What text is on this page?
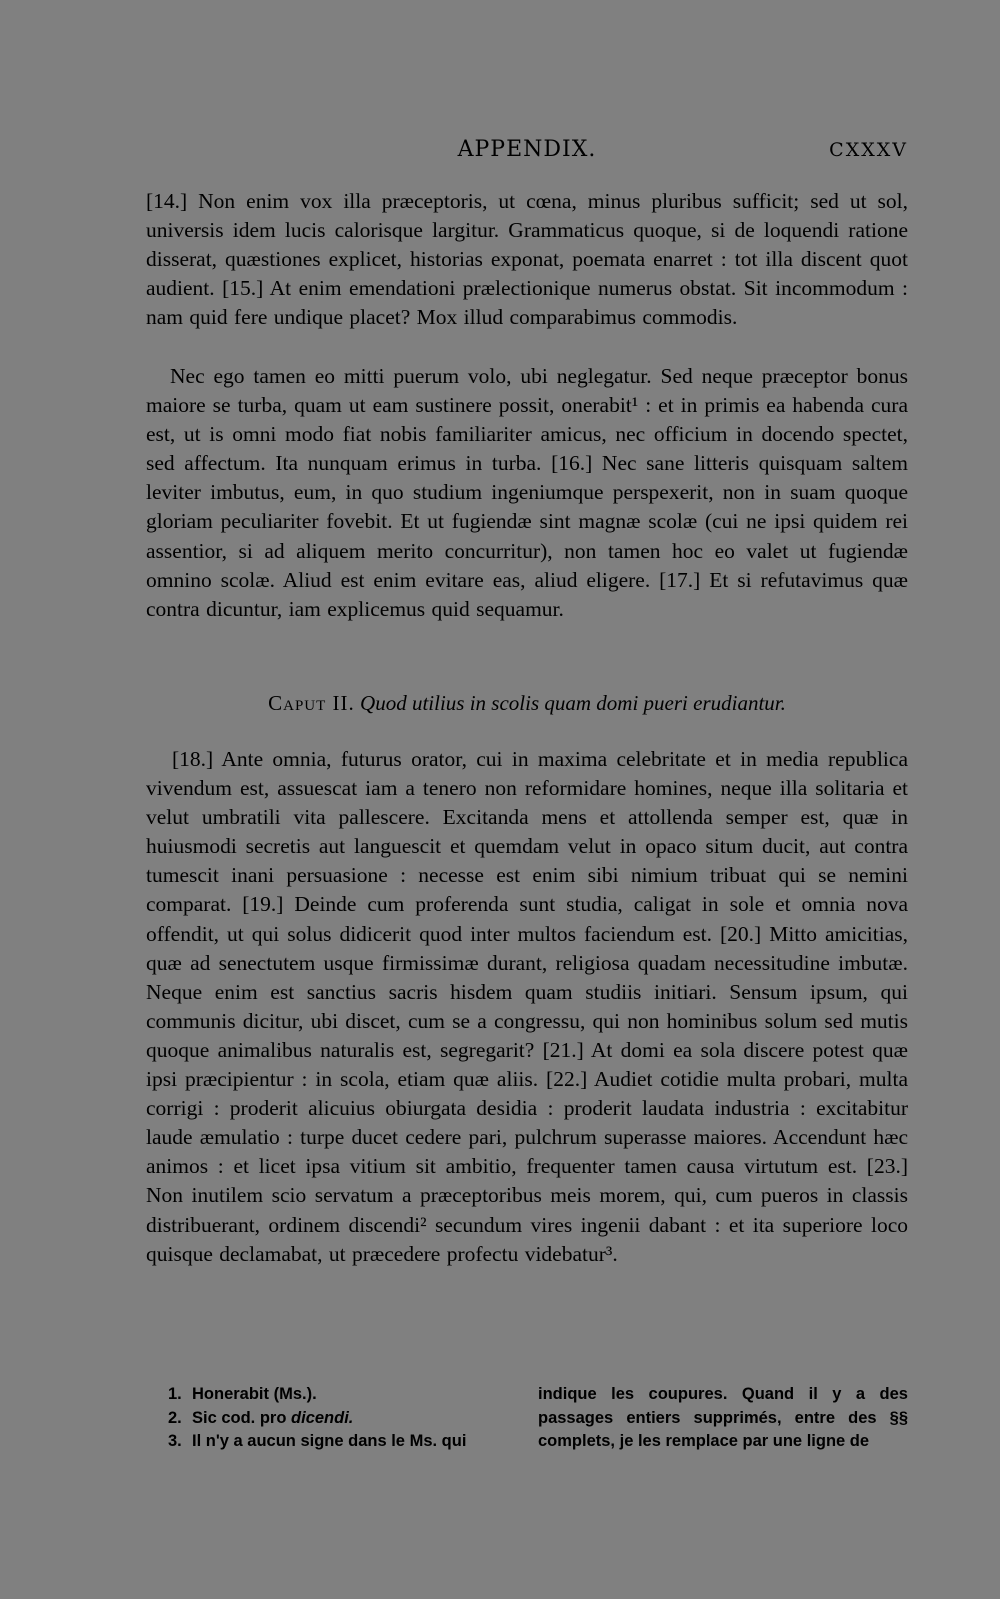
APPENDIX.	CXXXV

[14.] Non enim vox illa præceptoris, ut cœna, minus pluribus sufficit; sed ut sol, universis idem lucis calorisque largitur. Grammaticus quoque, si de loquendi ratione disserat, quæstiones explicet, historias exponat, poemata enarret : tot illa discent quot audient. [15.] At enim emendationi prælectionique numerus obstat. Sit incommodum : nam quid fere undique placet? Mox illud comparabimus commodis.

Nec ego tamen eo mitti puerum volo, ubi neglegatur. Sed neque præceptor bonus maiore se turba, quam ut eam sustinere possit, onerabit¹ : et in primis ea habenda cura est, ut is omni modo fiat nobis familiariter amicus, nec officium in docendo spectet, sed affectum. Ita nunquam erimus in turba. [16.] Nec sane litteris quisquam saltem leviter imbutus, eum, in quo studium ingeniumque perspexerit, non in suam quoque gloriam peculiariter fovebit. Et ut fugiendæ sint magnæ scolæ (cui ne ipsi quidem rei assentior, si ad aliquem merito concurritur), non tamen hoc eo valet ut fugiendæ omnino scolæ. Aliud est enim evitare eas, aliud eligere. [17.] Et si refutavimus quæ contra dicuntur, iam explicemus quid sequamur.

Caput II. Quod utilius in scolis quam domi pueri erudiantur.

[18.] Ante omnia, futurus orator, cui in maxima celebritate et in media republica vivendum est, assuescat iam a tenero non reformidare homines, neque illa solitaria et velut umbratili vita pallescere. Excitanda mens et attollenda semper est, quæ in huiusmodi secretis aut languescit et quemdam velut in opaco situm ducit, aut contra tumescit inani persuasione : necesse est enim sibi nimium tribuat qui se nemini comparat. [19.] Deinde cum proferenda sunt studia, caligat in sole et omnia nova offendit, ut qui solus didicerit quod inter multos faciendum est. [20.] Mitto amicitias, quæ ad senectutem usque firmissimæ durant, religiosa quadam necessitudine imbutæ. Neque enim est sanctius sacris hisdem quam studiis initiari. Sensum ipsum, qui communis dicitur, ubi discet, cum se a congressu, qui non hominibus solum sed mutis quoque animalibus naturalis est, segregarit? [21.] At domi ea sola discere potest quæ ipsi præcipientur : in scola, etiam quæ aliis. [22.] Audiet cotidie multa probari, multa corrigi : proderit alicuius obiurgata desidia : proderit laudata industria : excitabitur laude æmulatio : turpe ducet cedere pari, pulchrum superasse maiores. Accendunt hæc animos : et licet ipsa vitium sit ambitio, frequenter tamen causa virtutum est. [23.] Non inutilem scio servatum a præceptoribus meis morem, qui, cum pueros in classis distribuerant, ordinem discendi² secundum vires ingenii dabant : et ita superiore loco quisque declamabat, ut præcedere profectu videbatur³.

1. Honerabit (Ms.).
2. Sic cod. pro dicendi.
3. Il n'y a aucun signe dans le Ms. qui
indique les coupures. Quand il y a des passages entiers supprimés, entre des §§ complets, je les remplace par une ligne de
